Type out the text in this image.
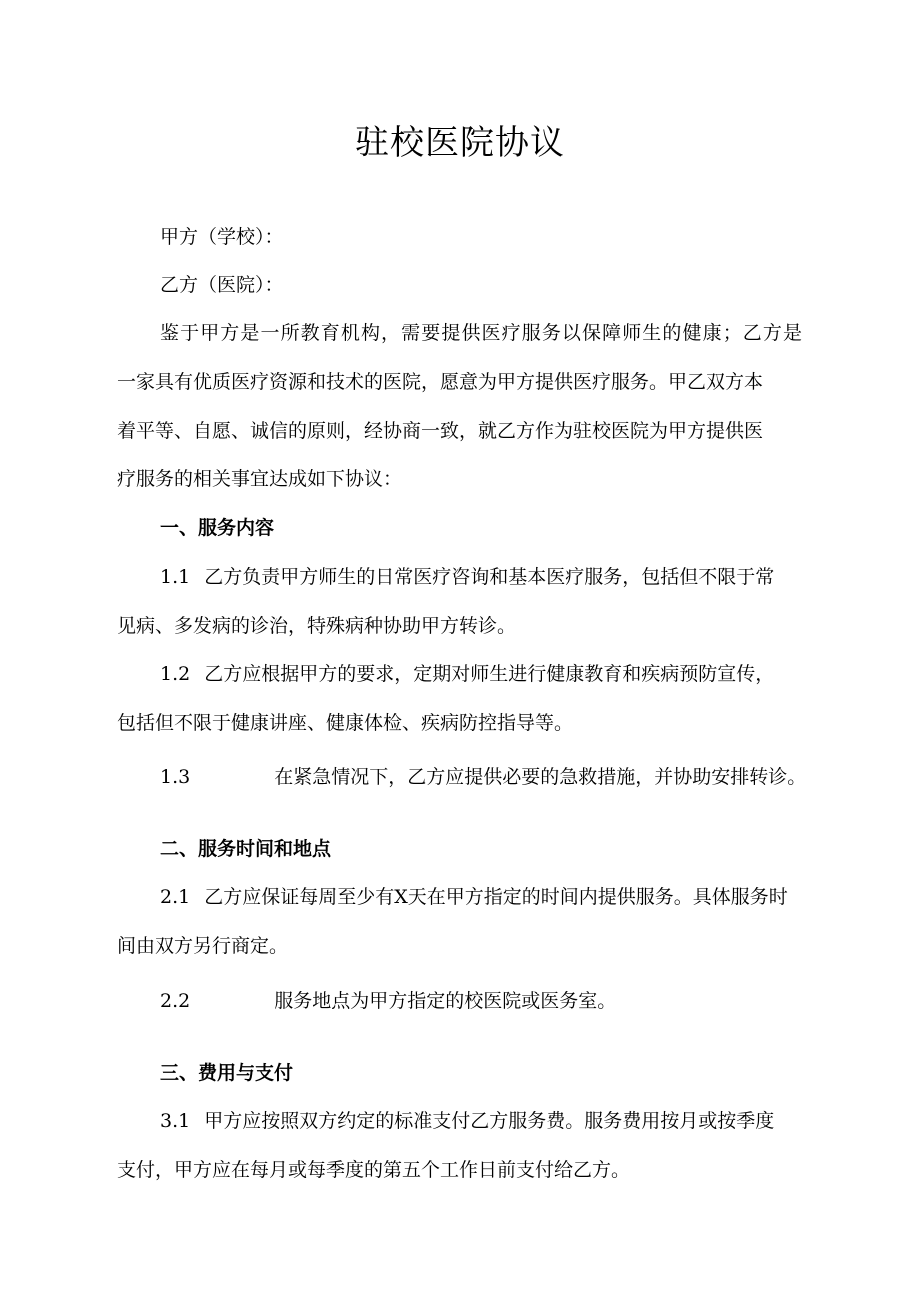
驻校医院协议
甲方（学校）：
乙方（医院）：
鉴于甲方是一所教育机构，需要提供医疗服务以保障师生的健康；乙方是
一家具有优质医疗资源和技术的医院，愿意为甲方提供医疗服务。甲乙双方本
着平等、自愿、诚信的原则，经协商一致，就乙方作为驻校医院为甲方提供医
疗服务的相关事宜达成如下协议：
一、服务内容
1.1 乙方负责甲方师生的日常医疗咨询和基本医疗服务，包括但不限于常
见病、多发病的诊治，特殊病种协助甲方转诊。
1.2 乙方应根据甲方的要求，定期对师生进行健康教育和疾病预防宣传，
包括但不限于健康讲座、健康体检、疾病防控指导等。
1.3	在紧急情况下，乙方应提供必要的急救措施，并协助安排转诊。
二、服务时间和地点
2.1 乙方应保证每周至少有X天在甲方指定的时间内提供服务。具体服务时
间由双方另行商定。
2.2	服务地点为甲方指定的校医院或医务室。
三、费用与支付
3.1 甲方应按照双方约定的标准支付乙方服务费。服务费用按月或按季度
支付，甲方应在每月或每季度的第五个工作日前支付给乙方。
